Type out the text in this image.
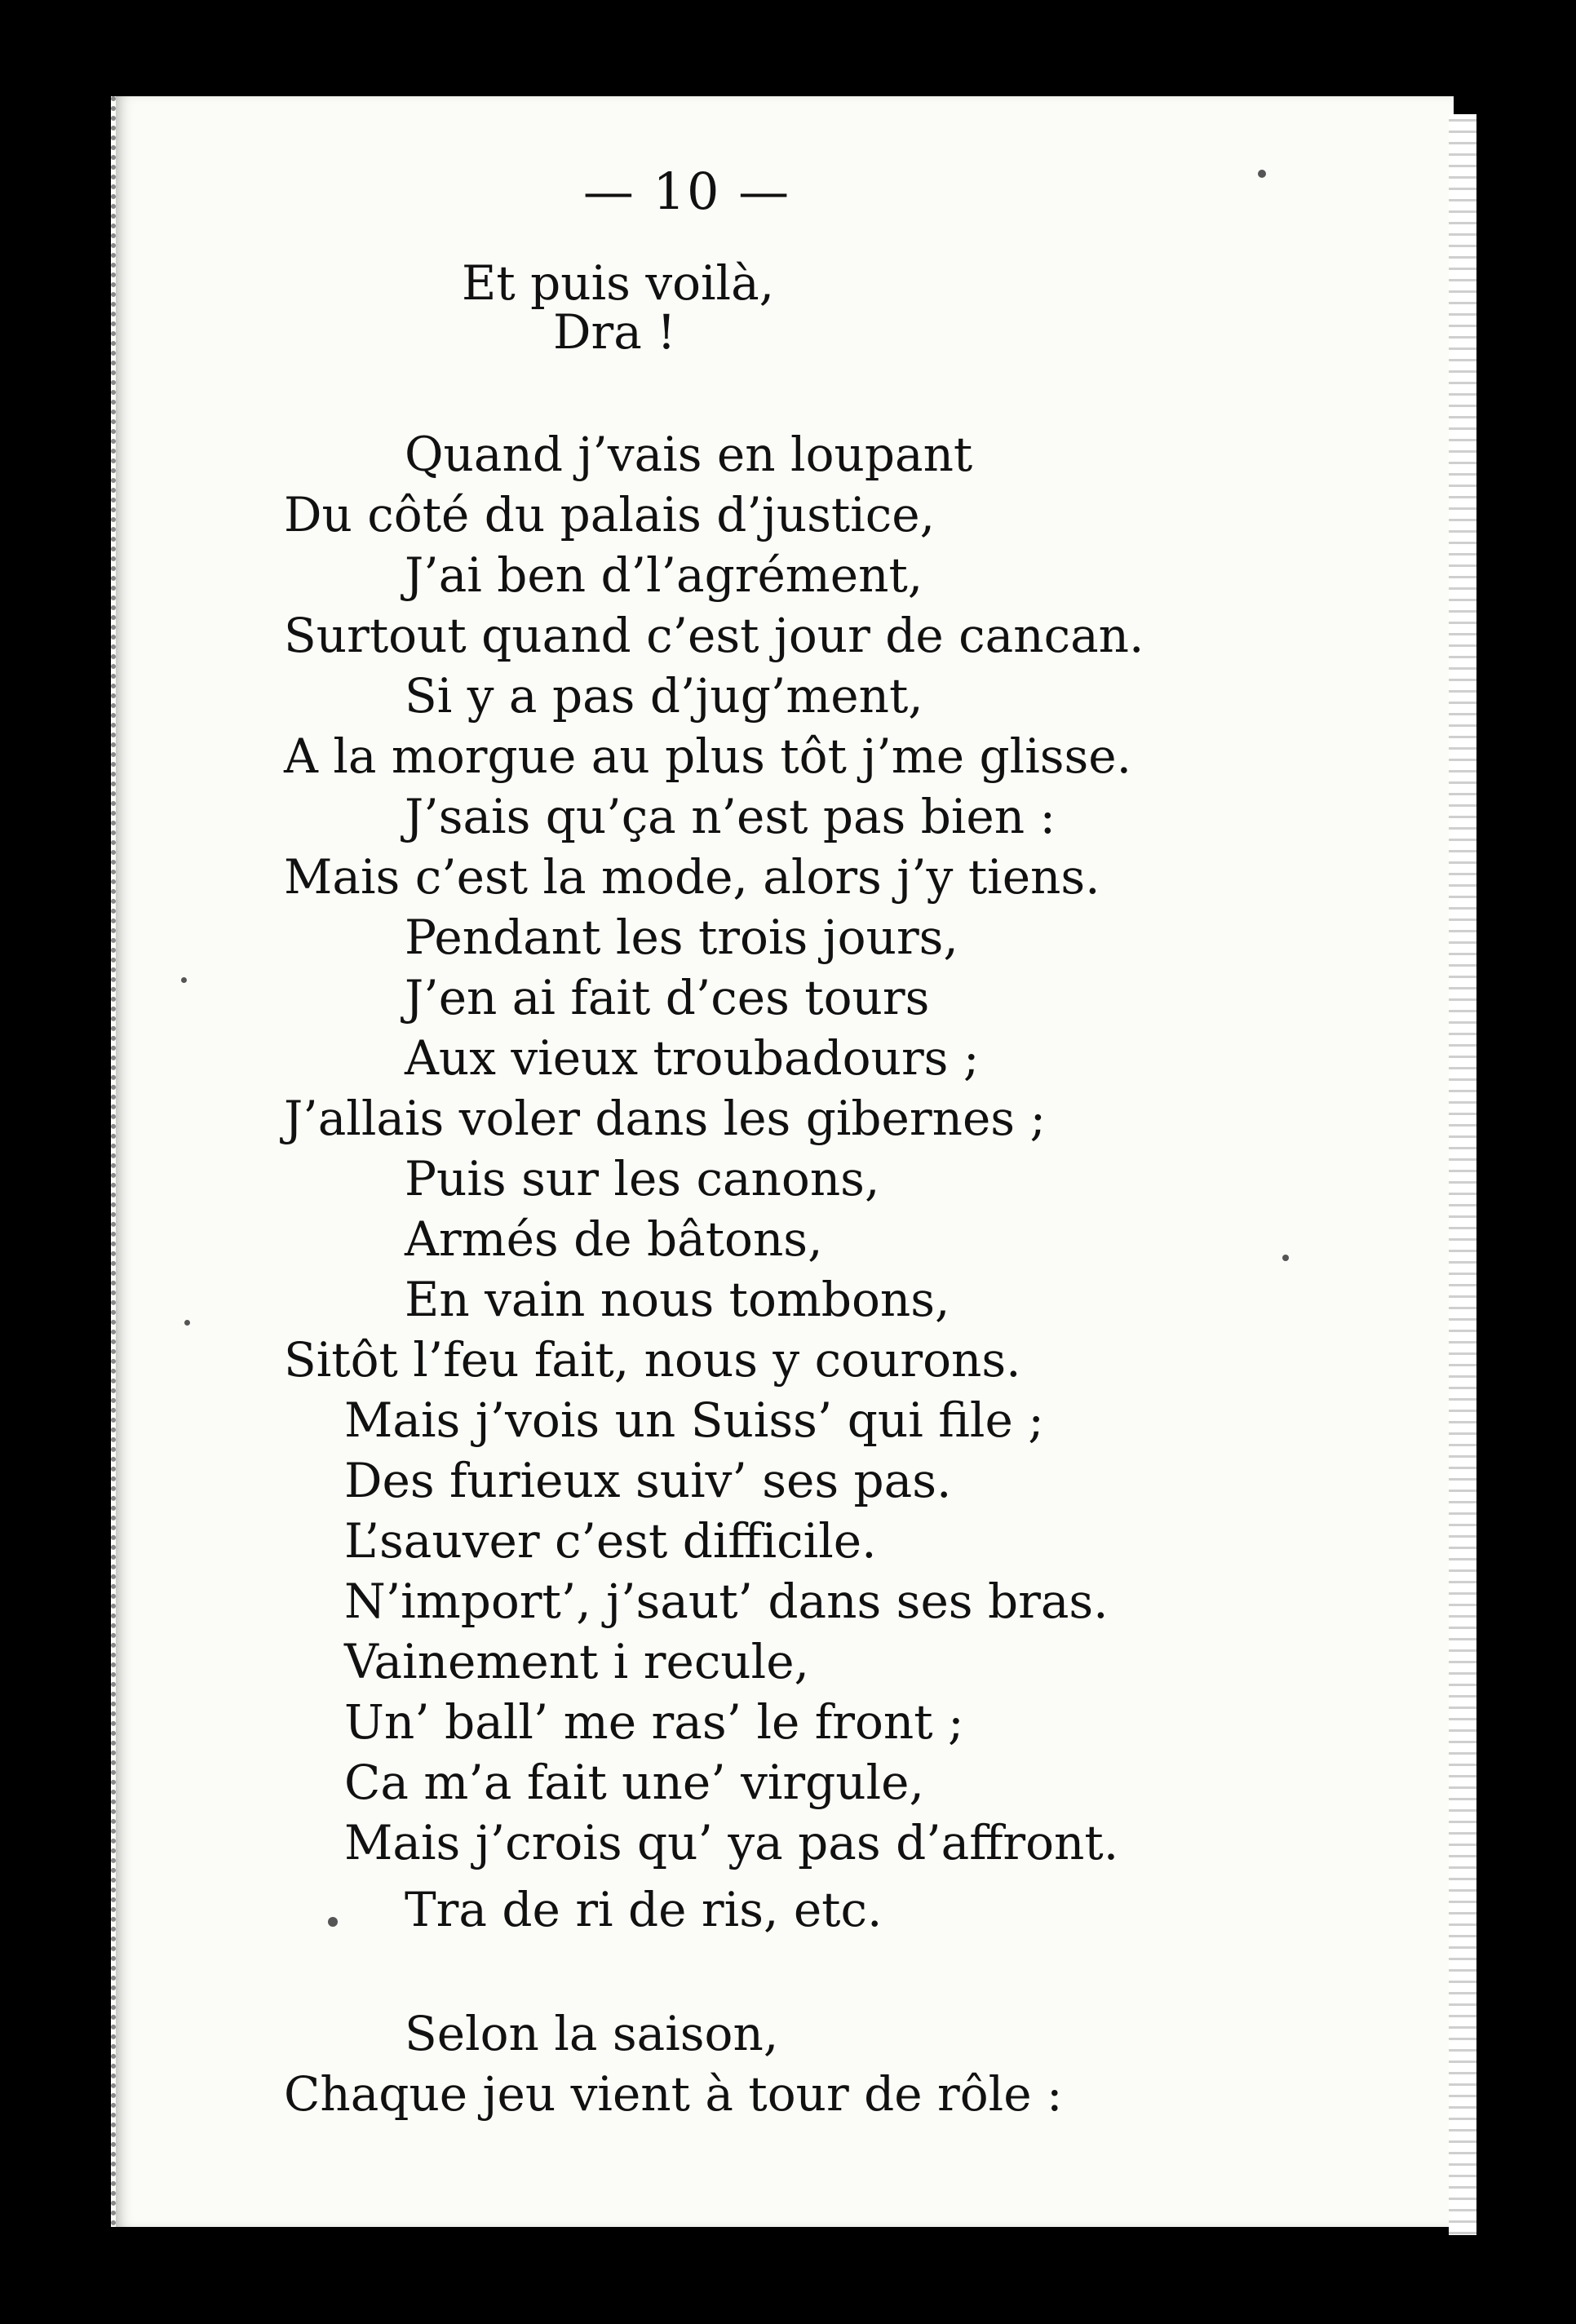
— 10 —
Et puis voilà,
Dra !
Quand j’vais en loupant
Du côté du palais d’justice,
J’ai ben d’l’agrément,
Surtout quand c’est jour de cancan.
Si y a pas d’jug’ment,
A la morgue au plus tôt j’me glisse.
J’sais qu’ça n’est pas bien :
Mais c’est la mode, alors j’y tiens.
Pendant les trois jours,
J’en ai fait d’ces tours
Aux vieux troubadours ;
J’allais voler dans les gibernes ;
Puis sur les canons,
Armés de bâtons,
En vain nous tombons,
Sitôt l’feu fait, nous y courons.
Mais j’vois un Suiss’ qui file ;
Des furieux suiv’ ses pas.
L’sauver c’est difficile.
N’import’, j’saut’ dans ses bras.
Vainement i recule,
Un’ ball’ me ras’ le front ;
Ca m’a fait une’ virgule,
Mais j’crois qu’ ya pas d’affront.
Tra de ri de ris, etc.
Selon la saison,
Chaque jeu vient à tour de rôle :
